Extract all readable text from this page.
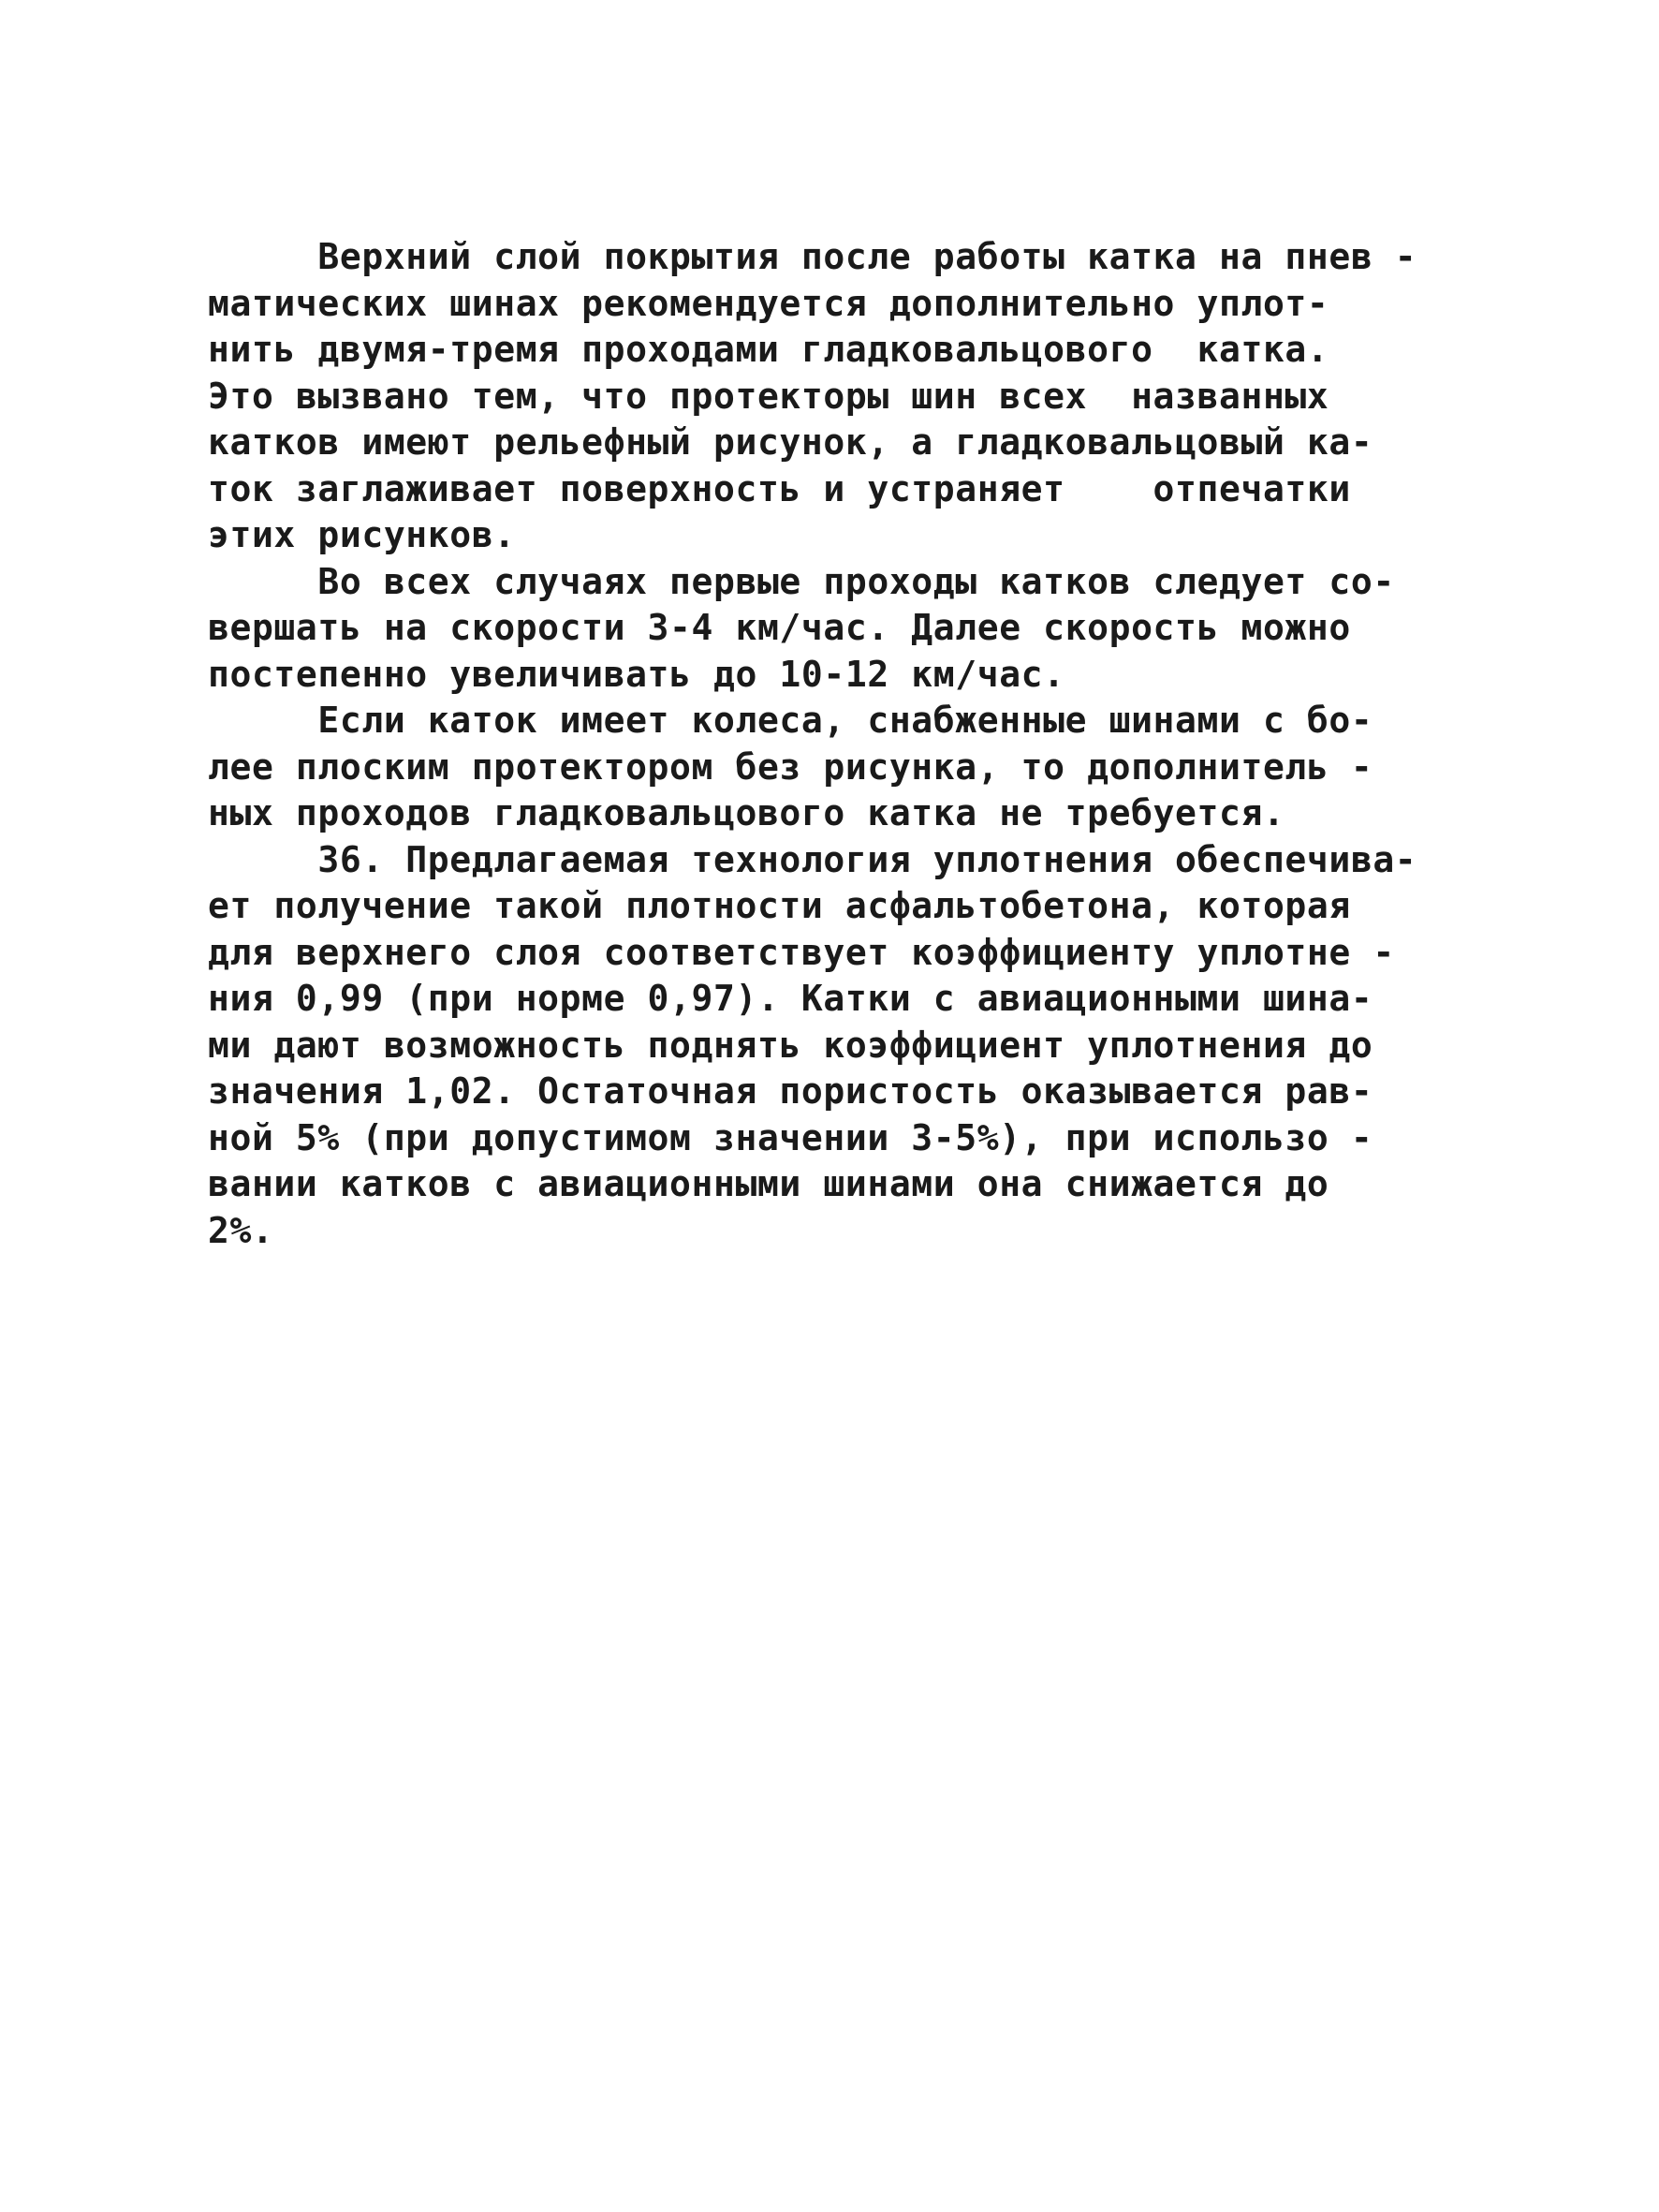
Верхний слой покрытия после работы катка на пнев -
матических шинах рекомендуется дополнительно уплот-
нить двумя-тремя проходами гладковальцового  катка.
Это вызвано тем, что протекторы шин всех  названных
катков имеют рельефный рисунок, а гладковальцовый ка-
ток заглаживает поверхность и устраняет    отпечатки
этих рисунков.
Во всех случаях первые проходы катков следует со-
вершать на скорости 3-4 км/час. Далее скорость можно
постепенно увеличивать до 10-12 км/час.
Если каток имеет колеса, снабженные шинами с бо-
лее плоским протектором без рисунка, то дополнитель -
ных проходов гладковальцового катка не требуется.
36. Предлагаемая технология уплотнения обеспечива-
ет получение такой плотности асфальтобетона, которая
для верхнего слоя соответствует коэффициенту уплотне -
ния 0,99 (при норме 0,97). Катки с авиационными шина-
ми дают возможность поднять коэффициент уплотнения до
значения 1,02. Остаточная пористость оказывается рав-
ной 5% (при допустимом значении 3-5%), при использо -
вании катков с авиационными шинами она снижается до
2%.
